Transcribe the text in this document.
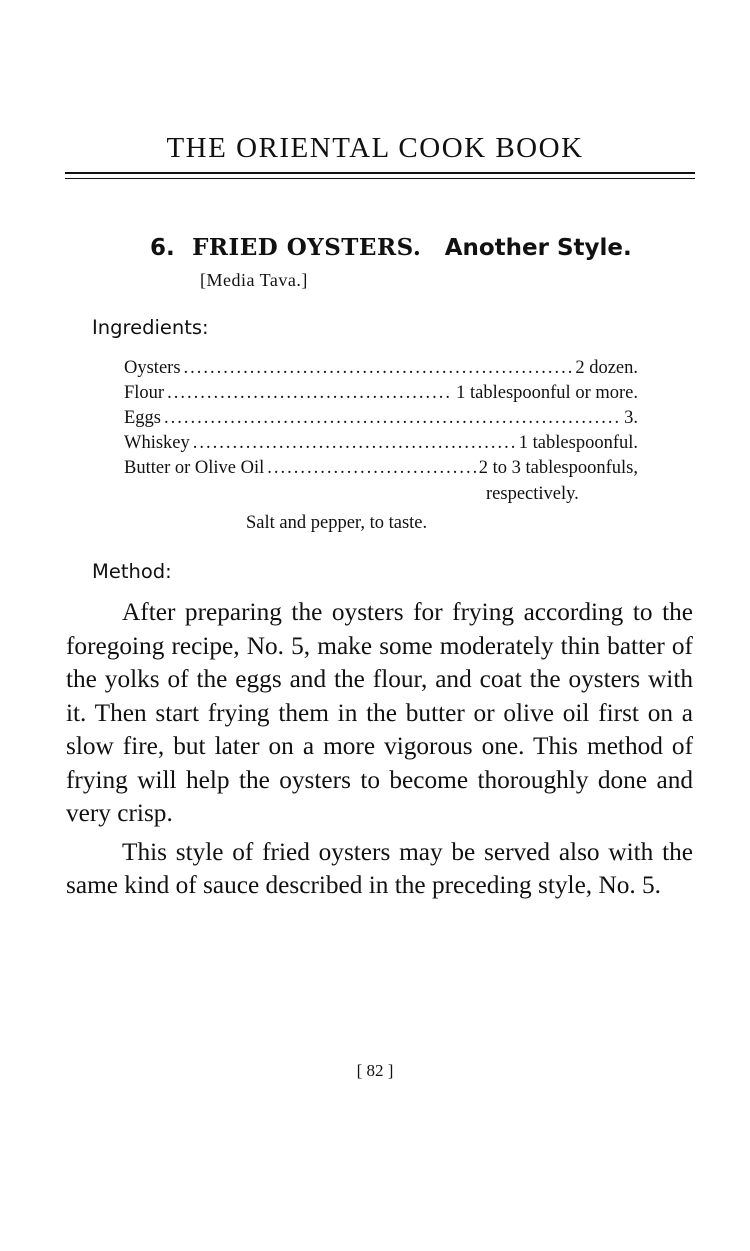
THE ORIENTAL COOK BOOK
6. FRIED OYSTERS. Another Style.
[Media Tava.]
Ingredients:
Oysters .....	2 dozen.
Flour .....	1 tablespoonful or more.
Eggs .....	3.
Whiskey .....	1 tablespoonful.
Butter or Olive Oil .....	2 to 3 tablespoonfuls,
respectively.
Salt and pepper, to taste.
Method:

After preparing the oysters for frying according to the foregoing recipe, No. 5, make some moderately thin batter of the yolks of the eggs and the flour, and coat the oysters with it. Then start frying them in the butter or olive oil first on a slow fire, but later on a more vigorous one. This method of frying will help the oysters to become thoroughly done and very crisp.

This style of fried oysters may be served also with the same kind of sauce described in the preceding style, No. 5.

[ 82 ]
